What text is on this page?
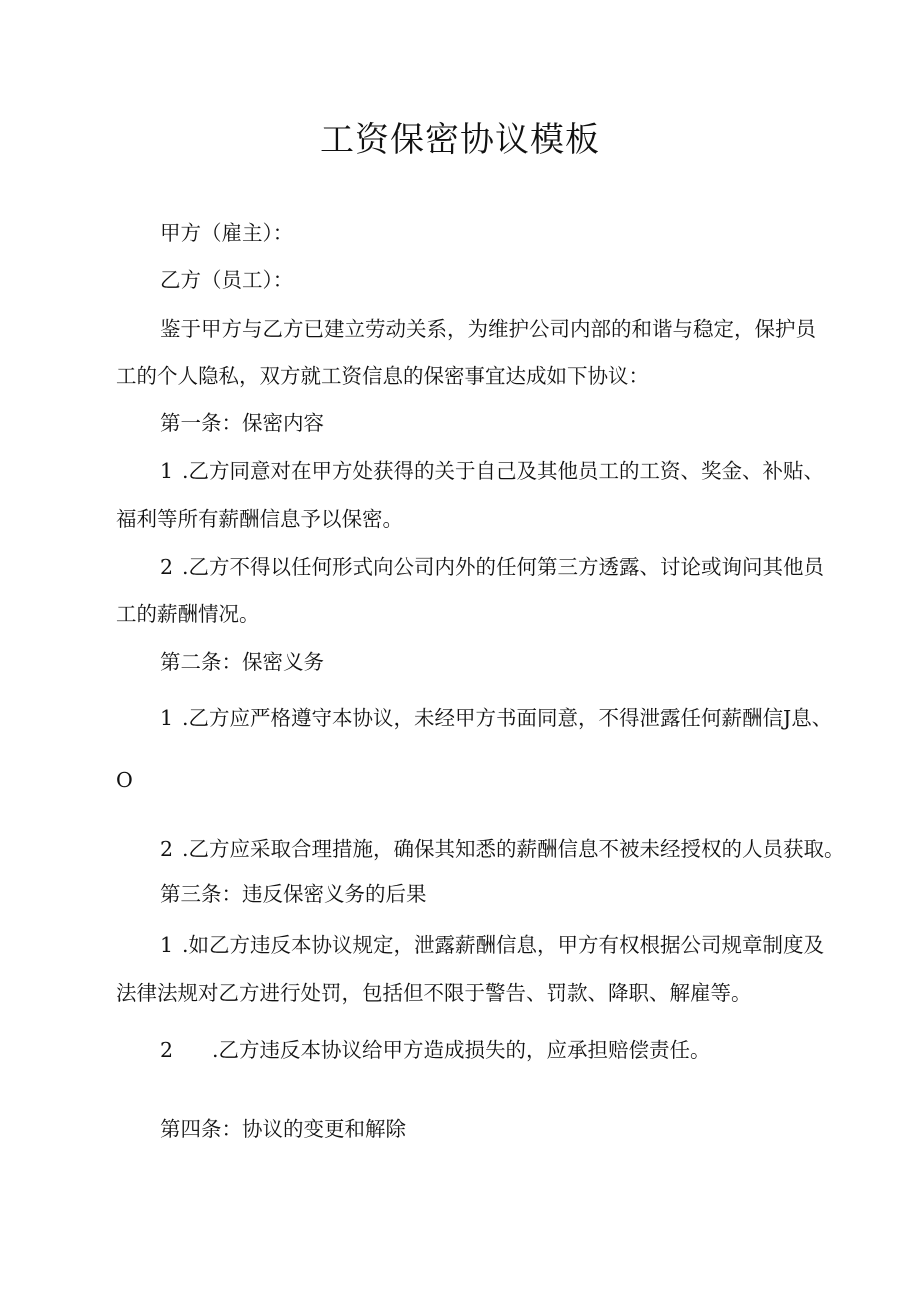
工资保密协议模板
甲方（雇主）：
乙方（员工）：
鉴于甲方与乙方已建立劳动关系，为维护公司内部的和谐与稳定，保护员
工的个人隐私，双方就工资信息的保密事宜达成如下协议：
第一条：保密内容
1 .乙方同意对在甲方处获得的关于自己及其他员工的工资、奖金、补贴、
福利等所有薪酬信息予以保密。
2 .乙方不得以任何形式向公司内外的任何第三方透露、讨论或询问其他员
工的薪酬情况。
第二条：保密义务
1 .乙方应严格遵守本协议，未经甲方书面同意，不得泄露任何薪酬信J息、
O
2 .乙方应采取合理措施，确保其知悉的薪酬信息不被未经授权的人员获取。
第三条：违反保密义务的后果
1 .如乙方违反本协议规定，泄露薪酬信息，甲方有权根据公司规章制度及
法律法规对乙方进行处罚，包括但不限于警告、罚款、降职、解雇等。
2 .乙方违反本协议给甲方造成损失的，应承担赔偿责任。
第四条：协议的变更和解除
